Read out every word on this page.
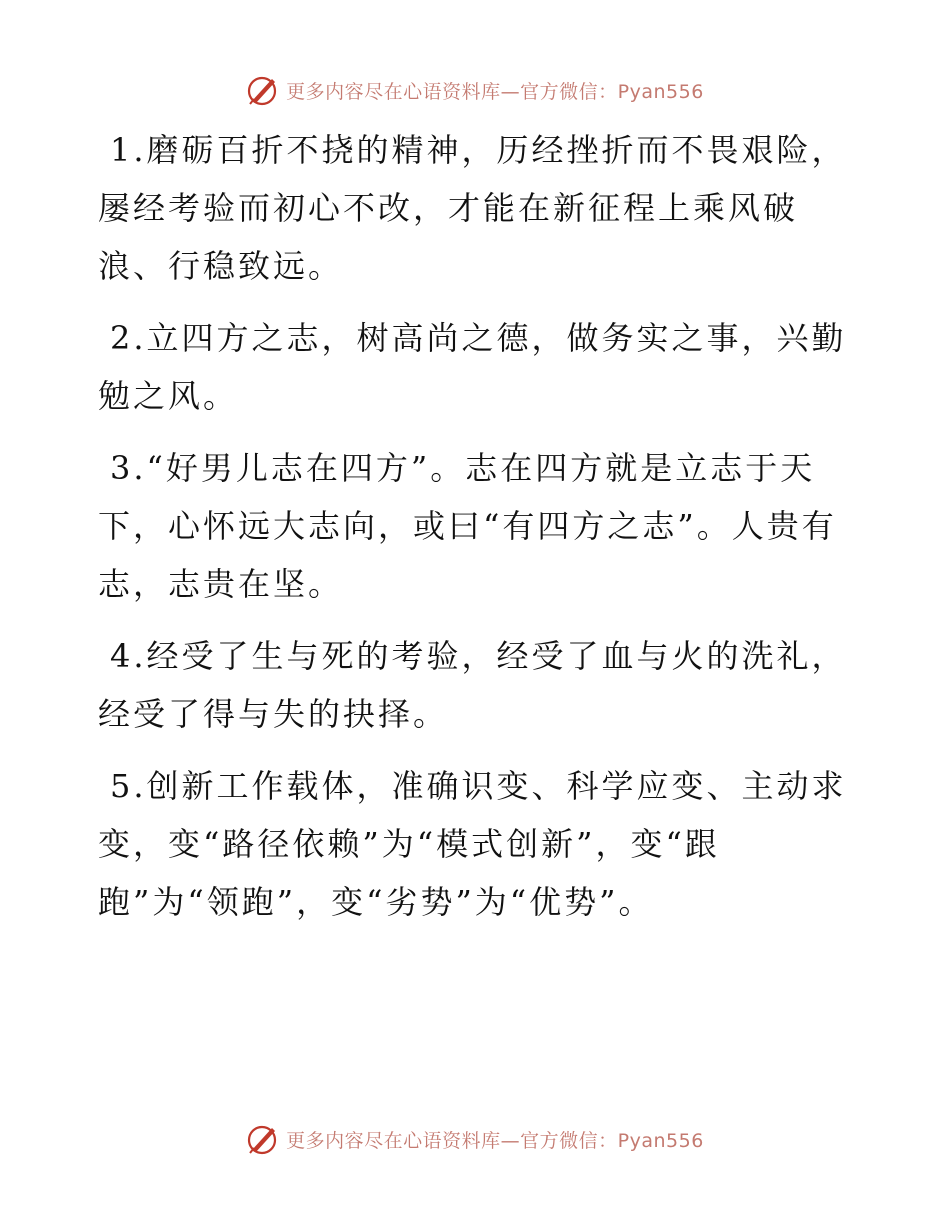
更多内容尽在心语资料库—官方微信：Pyan556

1.磨砺百折不挠的精神，历经挫折而不畏艰险，屡经考验而初心不改，才能在新征程上乘风破浪、行稳致远。

2.立四方之志，树高尚之德，做务实之事，兴勤勉之风。

3.“好男儿志在四方”。志在四方就是立志于天下，心怀远大志向，或曰“有四方之志”。人贵有志，志贵在坚。

4.经受了生与死的考验，经受了血与火的洗礼，经受了得与失的抉择。

5.创新工作载体，准确识变、科学应变、主动求变，变“路径依赖”为“模式创新”，变“跟跑”为“领跑”，变“劣势”为“优势”。

更多内容尽在心语资料库—官方微信：Pyan556
